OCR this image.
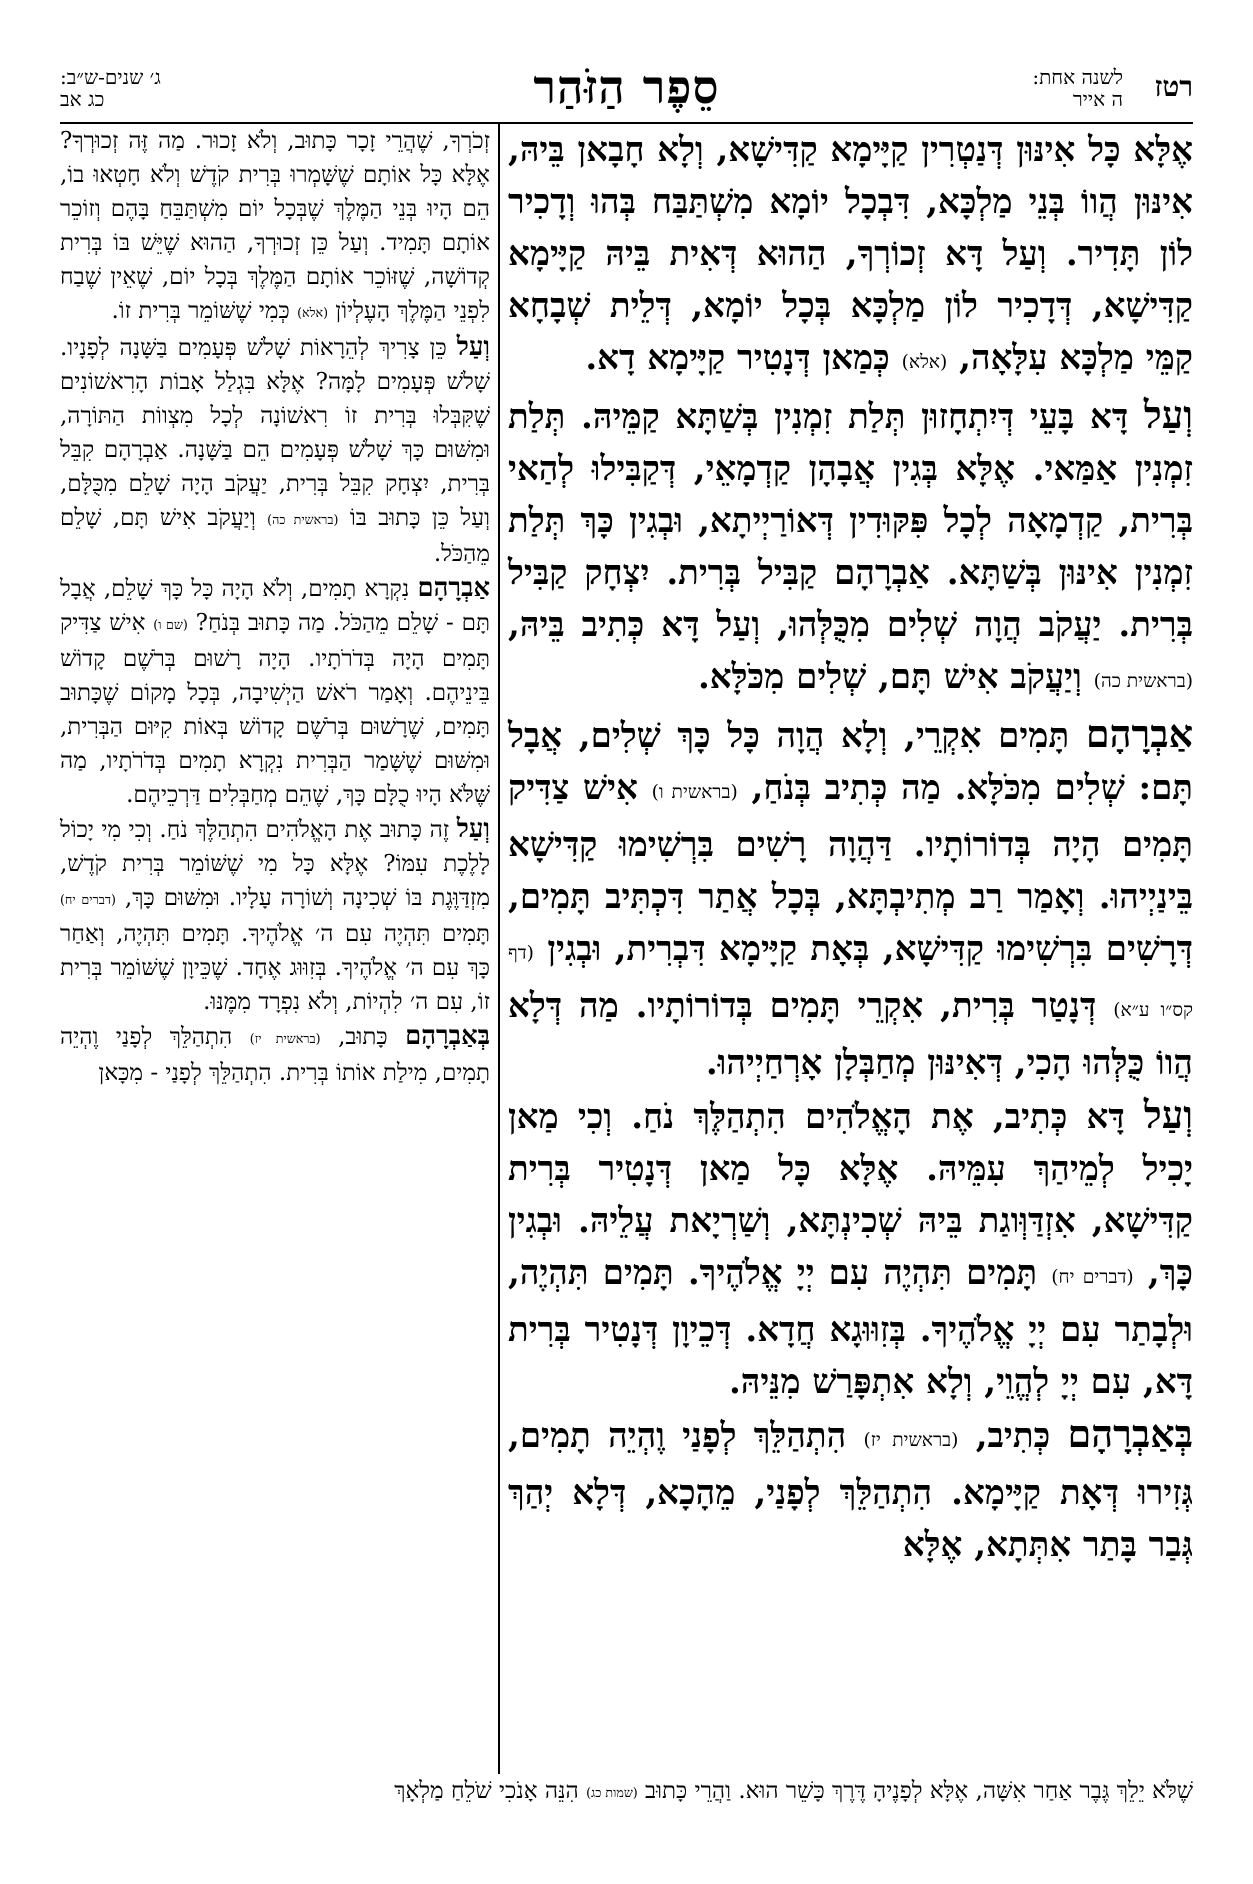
רטז
לשנה אחת:
ה אייר
סֵפֶר הַזֹּהַר
ג׳ שנים-ש״ב:
כג אב

אֶלָּא כָּל אִינּוּן דְּנַטְרִין קַיָּימָא קַדִּישָׁא, וְלָא חָבָאן בֵּיהּ, אִינּוּן הֲווֹ בְּנֵי מַלְכָּא, דִּבְכָל יוֹמָא מִשְׁתַּבַּח בְּהוּ וְדָכִיר לוֹן תָּדִיר. וְעַל דָּא זְכוֹרְךָ, הַהוּא דְּאִית בֵּיהּ קַיָּימָא קַדִּישָׁא, דְּדָכִיר לוֹן מַלְכָּא בְּכָל יוֹמָא, דְּלֵית שְׁבָחָא קַמֵּי מַלְכָּא עִלָּאָה, (אלא) כְּמַאן דְּנָטִיר קַיָּימָא דָא.

וְעַל דָּא בָּעֵי דְּיִתְחָזוּן תְּלַת זִמְנִין בְּשַׁתָּא קַמֵּיהּ. תְּלַת זִמְנִין אַמַּאי. אֶלָּא בְּגִין אֲבָהָן קַדְמָאֵי, דְּקַבִּילוּ לְהַאי בְּרִית, קַדְמָאָה לְכָל פִּקּוּדִין דְּאוֹרַיְיתָא, וּבְגִין כָּךְ תְּלַת זִמְנִין אִינּוּן בְּשַׁתָּא. אַבְרָהָם קַבִּיל בְּרִית. יִצְחָק קַבִּיל בְּרִית. יַעֲקֹב הֲוָה שְׁלִים מִכֻּלְּהוּ, וְעַל דָּא כְּתִיב בֵּיהּ, (בראשית כה) וְיַעֲקֹב אִישׁ תָּם, שְׁלִים מִכֹּלָּא.

אַבְרָהָם תָּמִים אִקְרֵי, וְלָא הֲוָה כָּל כָּךְ שְׁלִים, אֲבָל תָּם: שְׁלִים מִכֹּלָּא. מַה כְּתִיב בְּנֹחַ, (בראשית ו) אִישׁ צַדִּיק תָּמִים הָיָה בְּדוֹרוֹתָיו. דַּהֲוָה רָשִׁים בִּרְשִׁימוּ קַדִּישָׁא בֵּינַיְיהוּ. וְאָמַר רַב מְתִיבְתָּא, בְּכָל אֲתַר דִּכְתִּיב תָּמִים, דְּרָשִׁים בִּרְשִׁימוּ קַדִּישָׁא, בְּאָת קַיָּימָא דִּבְרִית, וּבְגִין (דף קס״ו ע״א) דְּנָטַר בְּרִית, אִקְרֵי תָּמִים בְּדוֹרוֹתָיו. מַה דְּלָא הֲווֹ כֻּלְּהוּ הָכִי, דְּאִינּוּן מְחַבְּלָן אָרְחַיְיהוּ.

וְעַל דָּא כְּתִיב, אֶת הָאֱלֹהִים הִתְהַלֶּךְ נֹחַ. וְכִי מַאן יָכִיל לְמֵיהַךְ עִמֵּיהּ. אֶלָּא כָּל מַאן דְּנָטִיר בְּרִית קַדִּישָׁא, אִזְדַּוְּוגַת בֵּיהּ שְׁכִינְתָּא, וְשַׁרְיָאת עֲלֵיהּ. וּבְגִין כָּךְ, (דברים יח) תָּמִים תִּהְיֶה עִם יְיָ אֱלֹהֶיךָ. תָּמִים תִּהְיֶה, וּלְבָתַר עִם יְיָ אֱלֹהֶיךָ. בְּזִוּוּגָא חֲדָא. דְּכֵיוָן דְּנָטִיר בְּרִית דָּא, עִם יְיָ לְהֱוֵי, וְלָא אִתְפָּרַשׁ מִנֵּיהּ.

בְּאַבְרָהָם כְּתִיב, (בראשית יז) הִתְהַלֵּךְ לְפָנַי וֶהְיֵה תָמִים, גְּזִירוּ דְּאָת קַיָּימָא. הִתְהַלֵּךְ לְפָנַי, מֵהָכָא, דְּלָא יְהַךְ גְּבַר בָּתַר אִתְּתָא, אֶלָּא

זְכֹרְךָ, שֶׁהֲרֵי זָכָר כָּתוּב, וְלֹא זָכוּר. מַה זֶּה זְכוּרְךָ? אֶלָּא כָּל אוֹתָם שֶׁשָּׁמְרוּ בְּרִית קֹדֶשׁ וְלֹא חָטְאוּ בוֹ, הֵם הָיוּ בְּנֵי הַמֶּלֶךְ שֶׁבְּכָל יוֹם מִשְׁתַּבֵּחַ בָּהֶם וְזוֹכֵר אוֹתָם תָּמִיד. וְעַל כֵּן זְכוּרְךָ, הַהוּא שֶׁיֵּשׁ בּוֹ בְּרִית קְדוֹשָׁה, שֶׁזּוֹכֵר אוֹתָם הַמֶּלֶךְ בְּכָל יוֹם, שֶׁאֵין שֶׁבַח לִפְנֵי הַמֶּלֶךְ הָעֶלְיוֹן (אלא) כְּמִי שֶׁשּׁוֹמֵר בְּרִית זוֹ.

וְעַל כֵּן צָרִיךְ לְהֵרָאוֹת שָׁלֹשׁ פְּעָמִים בַּשָּׁנָה לְפָנָיו. שָׁלֹשׁ פְּעָמִים לָמָּה? אֶלָּא בִּגְלַל אָבוֹת הָרִאשׁוֹנִים שֶׁקִּבְּלוּ בְּרִית זוֹ רִאשׁוֹנָה לְכָל מִצְווֹת הַתּוֹרָה, וּמִשּׁוּם כָּךְ שָׁלֹשׁ פְּעָמִים הֵם בַּשָּׁנָה. אַבְרָהָם קִבֵּל בְּרִית, יִצְחָק קִבֵּל בְּרִית, יַעֲקֹב הָיָה שָׁלֵם מִכֻּלָּם, וְעַל כֵּן כָּתוּב בּוֹ (בראשית כה) וְיַעֲקֹב אִישׁ תָּם, שָׁלֵם מֵהַכֹּל.

אַבְרָהָם נִקְרָא תָמִים, וְלֹא הָיָה כָּל כָּךְ שָׁלֵם, אֲבָל תָּם - שָׁלֵם מֵהַכֹּל. מַה כָּתוּב בְּנֹחַ? (שם ו) אִישׁ צַדִּיק תָּמִים הָיָה בְּדֹרֹתָיו. הָיָה רָשׁוּם בְּרֹשֶׁם קָדוֹשׁ בֵּינֵיהֶם. וְאָמַר רֹאשׁ הַיְשִׁיבָה, בְּכָל מָקוֹם שֶׁכָּתוּב תָּמִים, שֶׁרָשׁוּם בְּרֹשֶׁם קָדוֹשׁ בְּאוֹת קִיּוּם הַבְּרִית, וּמִשּׁוּם שֶׁשָּׁמַר הַבְּרִית נִקְרָא תָמִים בְּדֹרֹתָיו, מַה שֶּׁלֹּא הָיוּ כֻלָּם כָּךְ, שֶׁהֵם מְחַבְּלִים דַּרְכֵיהֶם.

וְעַל זֶה כָּתוּב אֶת הָאֱלֹהִים הִתְהַלֶּךְ נֹחַ. וְכִי מִי יָכוֹל לָלֶכֶת עִמּוֹ? אֶלָּא כָּל מִי שֶׁשּׁוֹמֵר בְּרִית קֹדֶשׁ, מִזְדַּוֶּגֶת בּוֹ שְׁכִינָה וְשׁוֹרָה עָלָיו. וּמִשּׁוּם כָּךְ, (דברים יח) תָּמִים תִּהְיֶה עִם ה׳ אֱלֹהֶיךָ. תָּמִים תִּהְיֶה, וְאַחַר כָּךְ עִם ה׳ אֱלֹהֶיךָ. בְּזִוּוּג אֶחָד. שֶׁכֵּיוָן שֶׁשּׁוֹמֵר בְּרִית זוֹ, עִם ה׳ לִהְיוֹת, וְלֹא נִפְרָד מִמֶּנּוּ.

בְּאַבְרָהָם כָּתוּב, (בראשית יז) הִתְהַלֵּךְ לְפָנַי וֶהְיֵה תָמִים, מִילַת אוֹתוֹ בְּרִית. הִתְהַלֵּךְ לְפָנַי - מִכָּאן

שֶׁלֹּא יֵלֵךְ גֶּבֶר אַחַר אִשָּׁה, אֶלָּא לְפָנֶיהָ דֶּרֶךְ כָּשֵׁר הוּא. וַהֲרֵי כָּתוּב (שמות כג) הִנֵּה אָנֹכִי שֹׁלֵחַ מַלְאָךְ
